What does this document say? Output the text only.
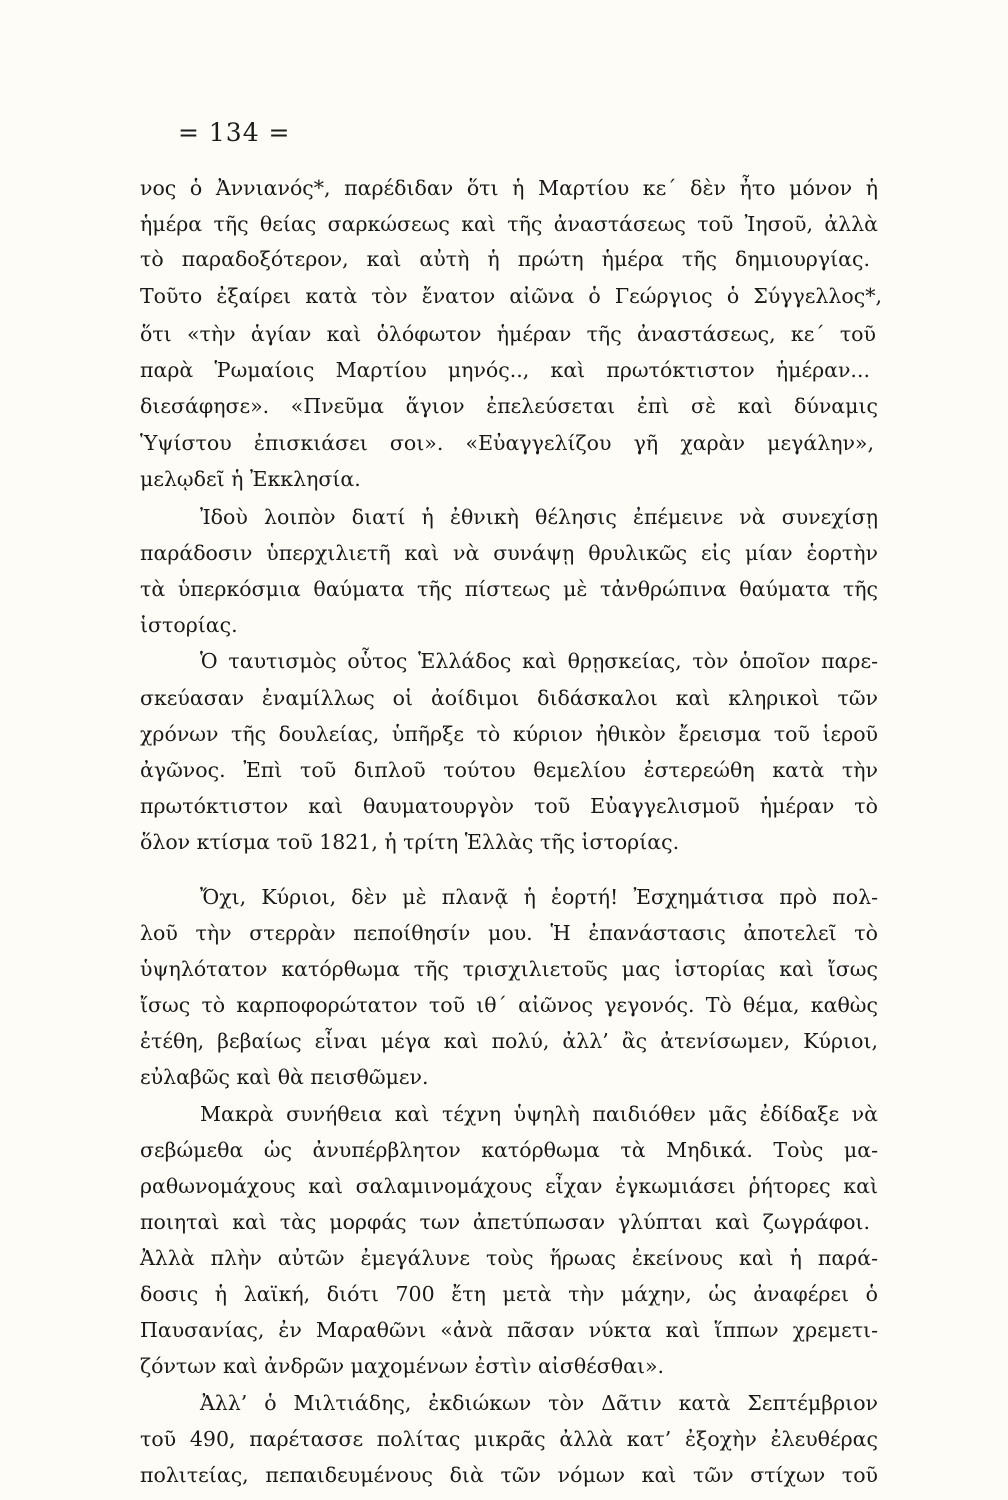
= 134 =
νος ὁ Ἀννιανός*, παρέδιδαν ὅτι ἡ Μαρτίου κε΄ δὲν ἦτο μόνον ἡ
ἡμέρα τῆς θείας σαρκώσεως καὶ τῆς ἀναστάσεως τοῦ Ἰησοῦ, ἀλλὰ
τὸ παραδοξότερον, καὶ αὐτὴ ἡ πρώτη ἡμέρα τῆς δημιουργίας.
Τοῦτο ἐξαίρει κατὰ τὸν ἔνατον αἰῶνα ὁ Γεώργιος ὁ Σύγγελλος*,
ὅτι «τὴν ἁγίαν καὶ ὁλόφωτον ἡμέραν τῆς ἀναστάσεως, κε΄ τοῦ
παρὰ Ῥωμαίοις Μαρτίου μηνός.., καὶ πρωτόκτιστον ἡμέραν...
διεσάφησε». «Πνεῦμα ἅγιον ἐπελεύσεται ἐπὶ σὲ καὶ δύναμις
Ὑψίστου ἐπισκιάσει σοι». «Εὐαγγελίζου γῆ χαρὰν μεγάλην»,
μελῳδεῖ ἡ Ἐκκλησία.
Ἰδοὺ λοιπὸν διατί ἡ ἐθνικὴ θέλησις ἐπέμεινε νὰ συνεχίσῃ
παράδοσιν ὑπερχιλιετῆ καὶ νὰ συνάψῃ θρυλικῶς εἰς μίαν ἑορτὴν
τὰ ὑπερκόσμια θαύματα τῆς πίστεως μὲ τἀνθρώπινα θαύματα τῆς
ἱστορίας.
Ὁ ταυτισμὸς οὗτος Ἑλλάδος καὶ θρῃσκείας, τὸν ὁποῖον παρε-
σκεύασαν ἐναμίλλως οἱ ἀοίδιμοι διδάσκαλοι καὶ κληρικοὶ τῶν
χρόνων τῆς δουλείας, ὑπῆρξε τὸ κύριον ἠθικὸν ἔρεισμα τοῦ ἱεροῦ
ἀγῶνος. Ἐπὶ τοῦ διπλοῦ τούτου θεμελίου ἐστερεώθη κατὰ τὴν
πρωτόκτιστον καὶ θαυματουργὸν τοῦ Εὐαγγελισμοῦ ἡμέραν τὸ
ὅλον κτίσμα τοῦ 1821, ἡ τρίτη Ἑλλὰς τῆς ἱστορίας.
Ὄχι, Κύριοι, δὲν μὲ πλανᾷ ἡ ἑορτή! Ἐσχημάτισα πρὸ πολ-
λοῦ τὴν στερρὰν πεποίθησίν μου. Ἡ ἐπανάστασις ἀποτελεῖ τὸ
ὑψηλότατον κατόρθωμα τῆς τρισχιλιετοῦς μας ἱστορίας καὶ ἴσως
ἴσως τὸ καρποφορώτατον τοῦ ιθ΄ αἰῶνος γεγονός. Τὸ θέμα, καθὼς
ἐτέθη, βεβαίως εἶναι μέγα καὶ πολύ, ἀλλ’ ἂς ἀτενίσωμεν, Κύριοι,
εὐλαβῶς καὶ θὰ πεισθῶμεν.
Μακρὰ συνήθεια καὶ τέχνη ὑψηλὴ παιδιόθεν μᾶς ἐδίδαξε νὰ
σεβώμεθα ὡς ἀνυπέρβλητον κατόρθωμα τὰ Μηδικά. Τοὺς μα-
ραθωνομάχους καὶ σαλαμινομάχους εἶχαν ἐγκωμιάσει ῥήτορες καὶ
ποιηταὶ καὶ τὰς μορφάς των ἀπετύπωσαν γλύπται καὶ ζωγράφοι.
Ἀλλὰ πλὴν αὐτῶν ἐμεγάλυνε τοὺς ἥρωας ἐκείνους καὶ ἡ παρά-
δοσις ἡ λαϊκή, διότι 700 ἔτη μετὰ τὴν μάχην, ὡς ἀναφέρει ὁ
Παυσανίας, ἐν Μαραθῶνι «ἀνὰ πᾶσαν νύκτα καὶ ἵππων χρεμετι-
ζόντων καὶ ἀνδρῶν μαχομένων ἐστὶν αἰσθέσθαι».
Ἀλλ’ ὁ Μιλτιάδης, ἐκδιώκων τὸν Δᾶτιν κατὰ Σεπτέμβριον
τοῦ 490, παρέτασσε πολίτας μικρᾶς ἀλλὰ κατ’ ἐξοχὴν ἐλευθέρας
πολιτείας, πεπαιδευμένους διὰ τῶν νόμων καὶ τῶν στίχων τοῦ
